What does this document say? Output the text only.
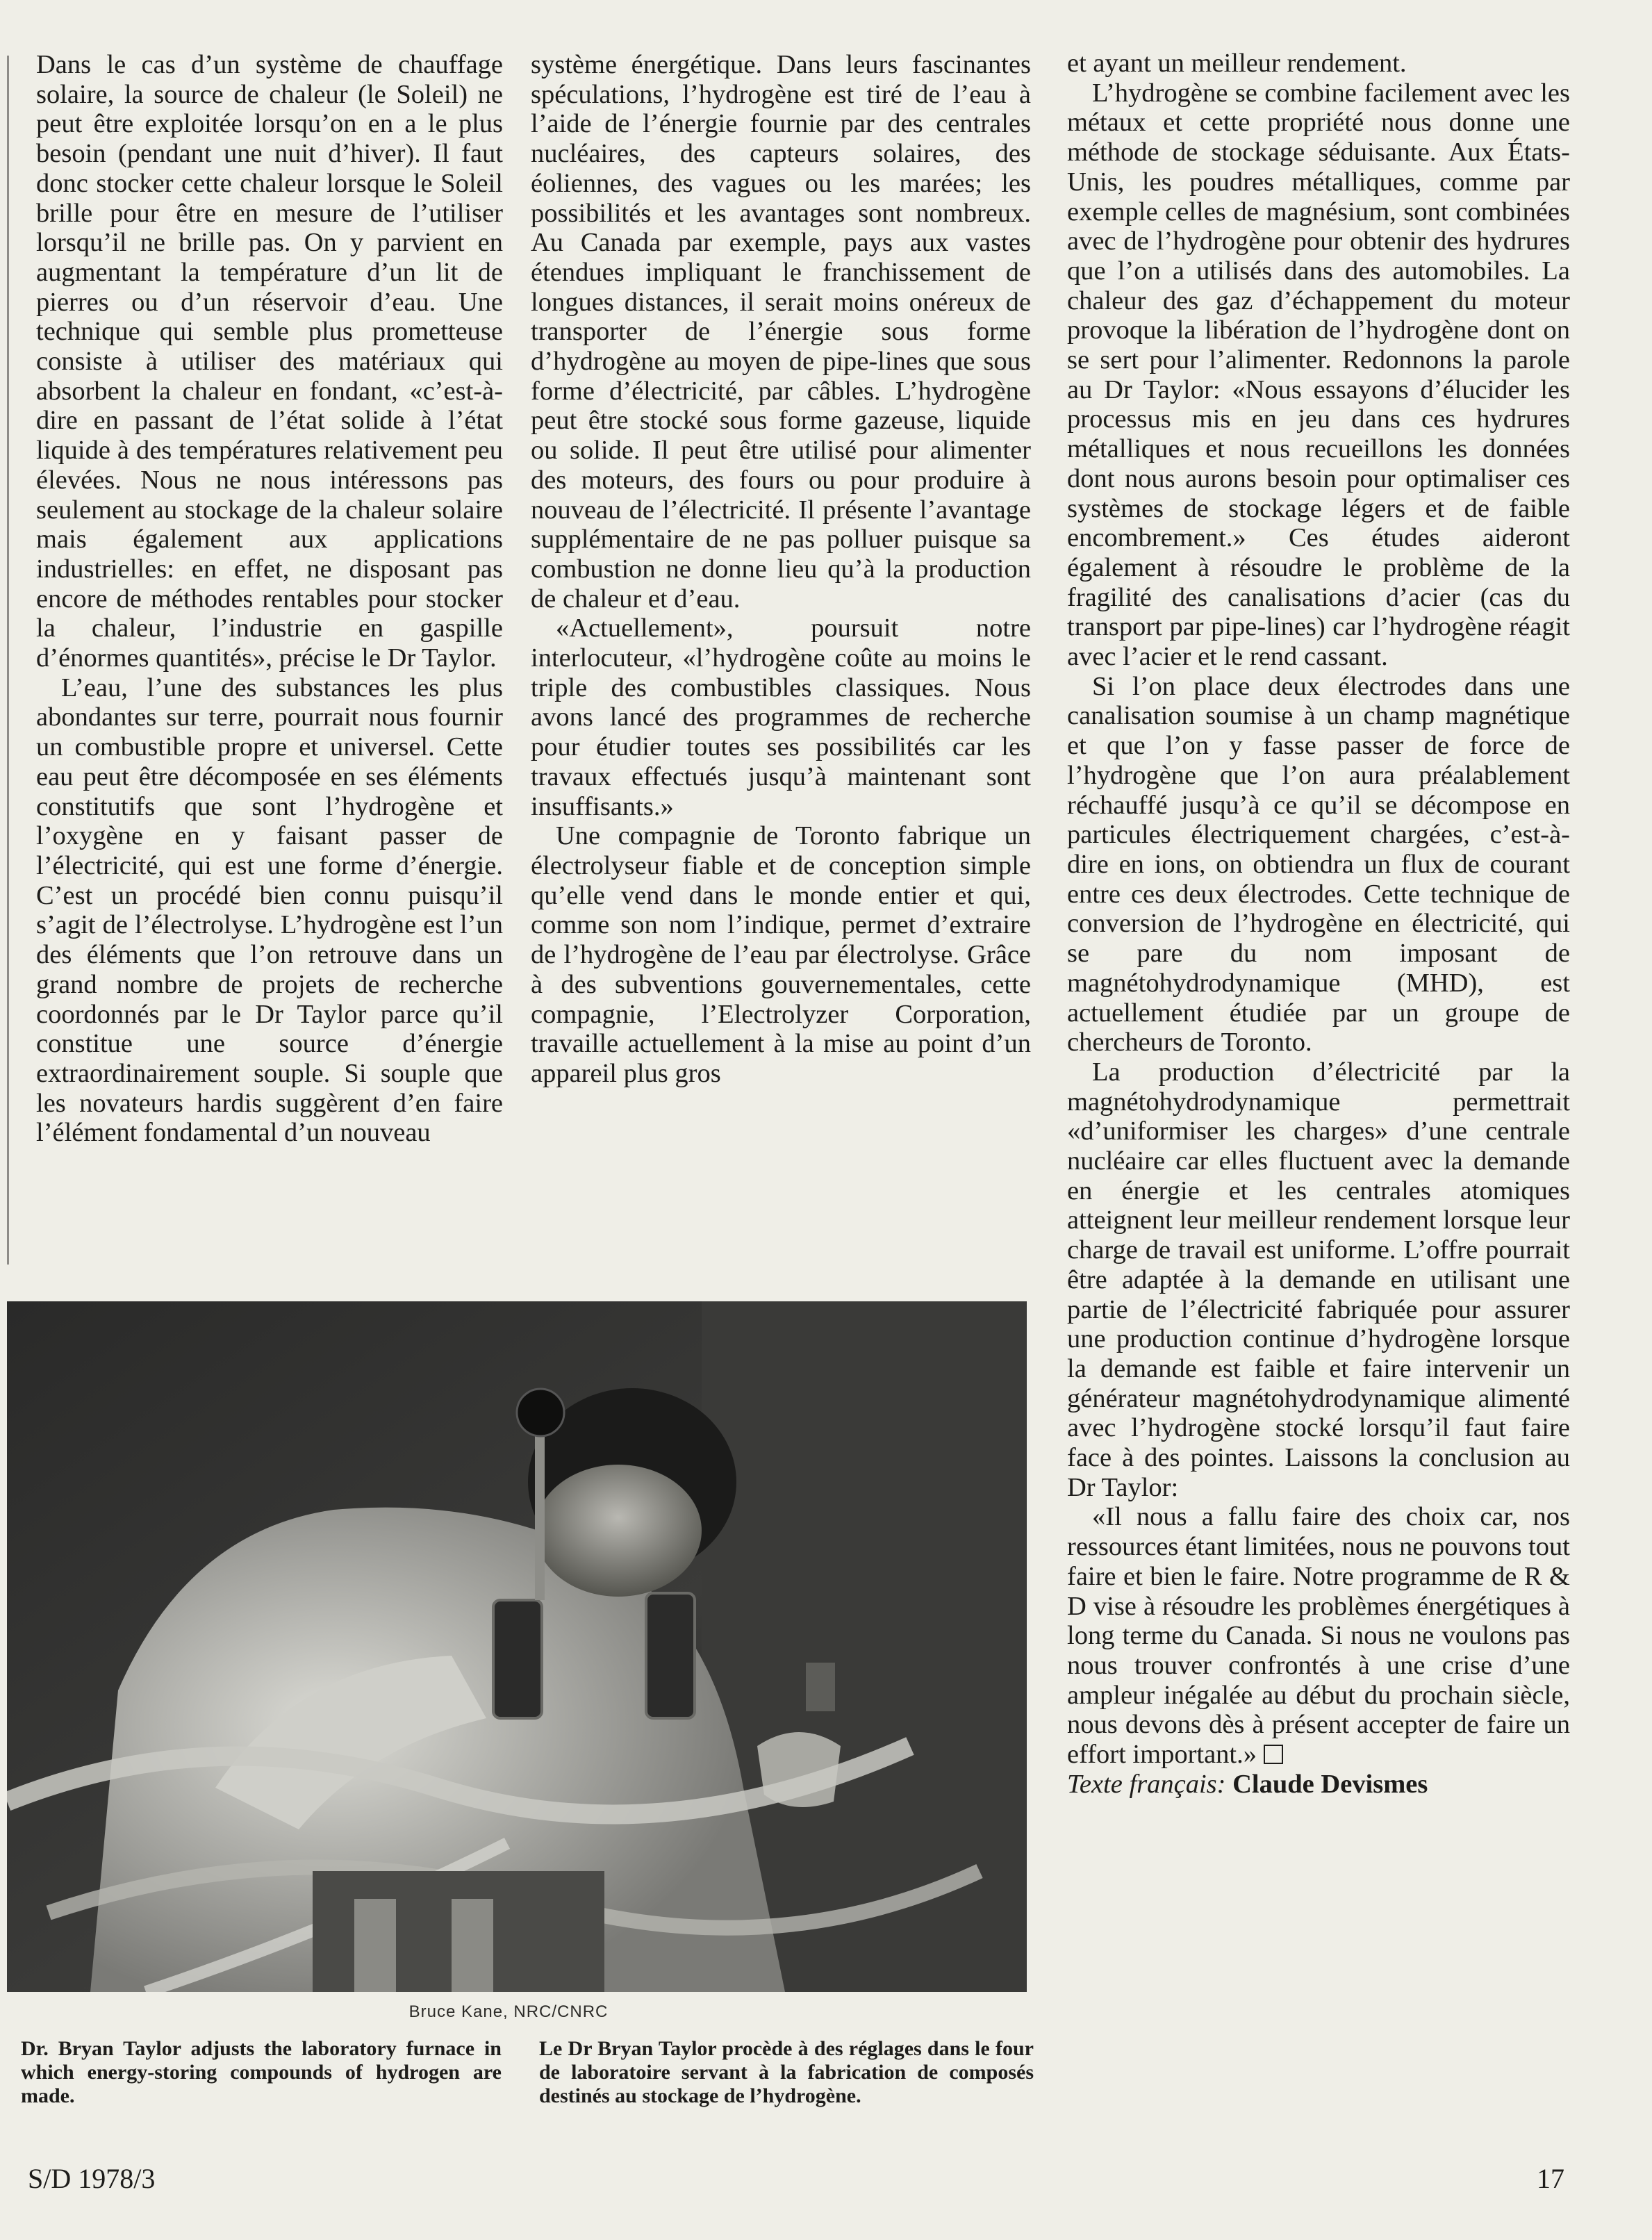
Dans le cas d’un système de chauffage solaire, la source de chaleur (le Soleil) ne peut être exploitée lorsqu’on en a le plus besoin (pendant une nuit d’hiver). Il faut donc stocker cette chaleur lorsque le Soleil brille pour être en mesure de l’utiliser lorsqu’il ne brille pas. On y parvient en augmentant la température d’un lit de pierres ou d’un réservoir d’eau. Une technique qui semble plus prometteuse consiste à utiliser des matériaux qui absorbent la chaleur en fondant, «c’est-à-dire en passant de l’état solide à l’état liquide à des températures relativement peu élevées. Nous ne nous intéressons pas seulement au stockage de la chaleur solaire mais également aux applications industrielles: en effet, ne disposant pas encore de méthodes rentables pour stocker la chaleur, l’industrie en gaspille d’énormes quantités», précise le Dr Taylor.

L’eau, l’une des substances les plus abondantes sur terre, pourrait nous fournir un combustible propre et universel. Cette eau peut être décomposée en ses éléments constitutifs que sont l’hydrogène et l’oxygène en y faisant passer de l’électricité, qui est une forme d’énergie. C’est un procédé bien connu puisqu’il s’agit de l’électrolyse. L’hydrogène est l’un des éléments que l’on retrouve dans un grand nombre de projets de recherche coordonnés par le Dr Taylor parce qu’il constitue une source d’énergie extraordinairement souple. Si souple que les novateurs hardis suggèrent d’en faire l’élément fondamental d’un nouveau

système énergétique. Dans leurs fascinantes spéculations, l’hydrogène est tiré de l’eau à l’aide de l’énergie fournie par des centrales nucléaires, des capteurs solaires, des éoliennes, des vagues ou les marées; les possibilités et les avantages sont nombreux. Au Canada par exemple, pays aux vastes étendues impliquant le franchissement de longues distances, il serait moins onéreux de transporter de l’énergie sous forme d’hydrogène au moyen de pipe-lines que sous forme d’électricité, par câbles. L’hydrogène peut être stocké sous forme gazeuse, liquide ou solide. Il peut être utilisé pour alimenter des moteurs, des fours ou pour produire à nouveau de l’électricité. Il présente l’avantage supplémentaire de ne pas polluer puisque sa combustion ne donne lieu qu’à la production de chaleur et d’eau.

«Actuellement», poursuit notre interlocuteur, «l’hydrogène coûte au moins le triple des combustibles classiques. Nous avons lancé des programmes de recherche pour étudier toutes ses possibilités car les travaux effectués jusqu’à maintenant sont insuffisants.»

Une compagnie de Toronto fabrique un électrolyseur fiable et de conception simple qu’elle vend dans le monde entier et qui, comme son nom l’indique, permet d’extraire de l’hydrogène de l’eau par électrolyse. Grâce à des subventions gouvernementales, cette compagnie, l’Electrolyzer Corporation, travaille actuellement à la mise au point d’un appareil plus gros

et ayant un meilleur rendement.

L’hydrogène se combine facilement avec les métaux et cette propriété nous donne une méthode de stockage séduisante. Aux États-Unis, les poudres métalliques, comme par exemple celles de magnésium, sont combinées avec de l’hydrogène pour obtenir des hydrures que l’on a utilisés dans des automobiles. La chaleur des gaz d’échappement du moteur provoque la libération de l’hydrogène dont on se sert pour l’alimenter. Redonnons la parole au Dr Taylor: «Nous essayons d’élucider les processus mis en jeu dans ces hydrures métalliques et nous recueillons les données dont nous aurons besoin pour optimaliser ces systèmes de stockage légers et de faible encombrement.» Ces études aideront également à résoudre le problème de la fragilité des canalisations d’acier (cas du transport par pipe-lines) car l’hydrogène réagit avec l’acier et le rend cassant.

Si l’on place deux électrodes dans une canalisation soumise à un champ magnétique et que l’on y fasse passer de force de l’hydrogène que l’on aura préalablement réchauffé jusqu’à ce qu’il se décompose en particules électriquement chargées, c’est-à-dire en ions, on obtiendra un flux de courant entre ces deux électrodes. Cette technique de conversion de l’hydrogène en électricité, qui se pare du nom imposant de magnétohydrodynamique (MHD), est actuellement étudiée par un groupe de chercheurs de Toronto.

La production d’électricité par la magnétohydrodynamique permettrait «d’uniformiser les charges» d’une centrale nucléaire car elles fluctuent avec la demande en énergie et les centrales atomiques atteignent leur meilleur rendement lorsque leur charge de travail est uniforme. L’offre pourrait être adaptée à la demande en utilisant une partie de l’électricité fabriquée pour assurer une production continue d’hydrogène lorsque la demande est faible et faire intervenir un générateur magnétohydrodynamique alimenté avec l’hydrogène stocké lorsqu’il faut faire face à des pointes. Laissons la conclusion au Dr Taylor:

«Il nous a fallu faire des choix car, nos ressources étant limitées, nous ne pouvons tout faire et bien le faire. Notre programme de R & D vise à résoudre les problèmes énergétiques à long terme du Canada. Si nous ne voulons pas nous trouver confrontés à une crise d’une ampleur inégalée au début du prochain siècle, nous devons dès à présent accepter de faire un effort important.»

Texte français: Claude Devismes

Bruce Kane, NRC/CNRC
Dr. Bryan Taylor adjusts the laboratory furnace in which energy-storing compounds of hydrogen are made.
Le Dr Bryan Taylor procède à des réglages dans le four de laboratoire servant à la fabrication de composés destinés au stockage de l’hydrogène.
S/D 1978/3	17
